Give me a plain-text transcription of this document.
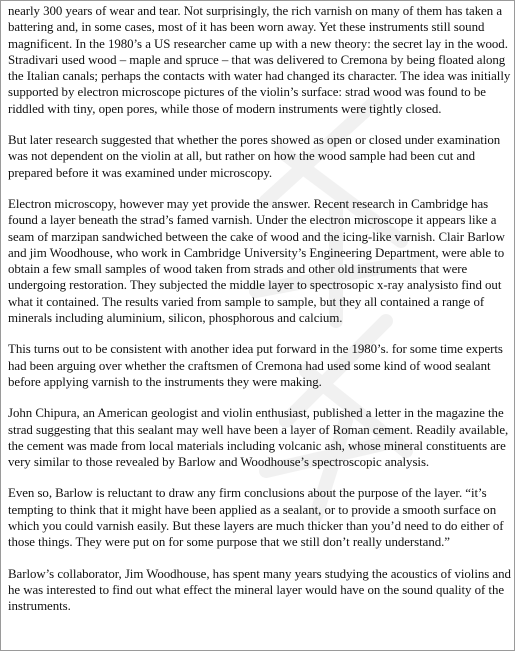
nearly 300 years of wear and tear. Not surprisingly, the rich varnish on many of them has taken a battering and, in some cases, most of it has been worn away. Yet these instruments still sound magnificent. In the 1980’s a US researcher came up with a new theory: the secret lay in the wood. Stradivari used wood – maple and spruce – that was delivered to Cremona by being floated along the Italian canals; perhaps the contacts with water had changed its character. The idea was initially supported by electron microscope pictures of the violin’s surface: strad wood was found to be riddled with tiny, open pores, while those of modern instruments were tightly closed.

But later research suggested that whether the pores showed as open or closed under examination was not dependent on the violin at all, but rather on how the wood sample had been cut and prepared before it was examined under microscopy.

Electron microscopy, however may yet provide the answer. Recent research in Cambridge has found a layer beneath the strad’s famed varnish. Under the electron microscope it appears like a seam of marzipan sandwiched between the cake of wood and the icing-like varnish. Clair Barlow and jim Woodhouse, who work in Cambridge University’s Engineering Department, were able to obtain a few small samples of wood taken from strads and other old instruments that were undergoing restoration. They subjected the middle layer to spectrosopic x-ray analysisto find out what it contained. The results varied from sample to sample, but they all contained a range of minerals including aluminium, silicon, phosphorous and calcium.

This turns out to be consistent with another idea put forward in the 1980’s. for some time experts had been arguing over whether the craftsmen of Cremona had used some kind of wood sealant before applying varnish to the instruments they were making.

John Chipura, an American geologist and violin enthusiast, published a letter in the magazine the strad suggesting that this sealant may well have been a layer of Roman cement. Readily available, the cement was made from local materials including volcanic ash, whose mineral constituents are very similar to those revealed by Barlow and Woodhouse’s spectroscopic analysis.

Even so, Barlow is reluctant to draw any firm conclusions about the purpose of the layer. “it’s tempting to think that it might have been applied as a sealant, or to provide a smooth surface on which you could varnish easily. But these layers are much thicker than you’d need to do either of those things. They were put on for some purpose that we still don’t really understand.”

Barlow’s collaborator, Jim Woodhouse, has spent many years studying the acoustics of violins and he was interested to find out what effect the mineral layer would have on the sound quality of the instruments.
